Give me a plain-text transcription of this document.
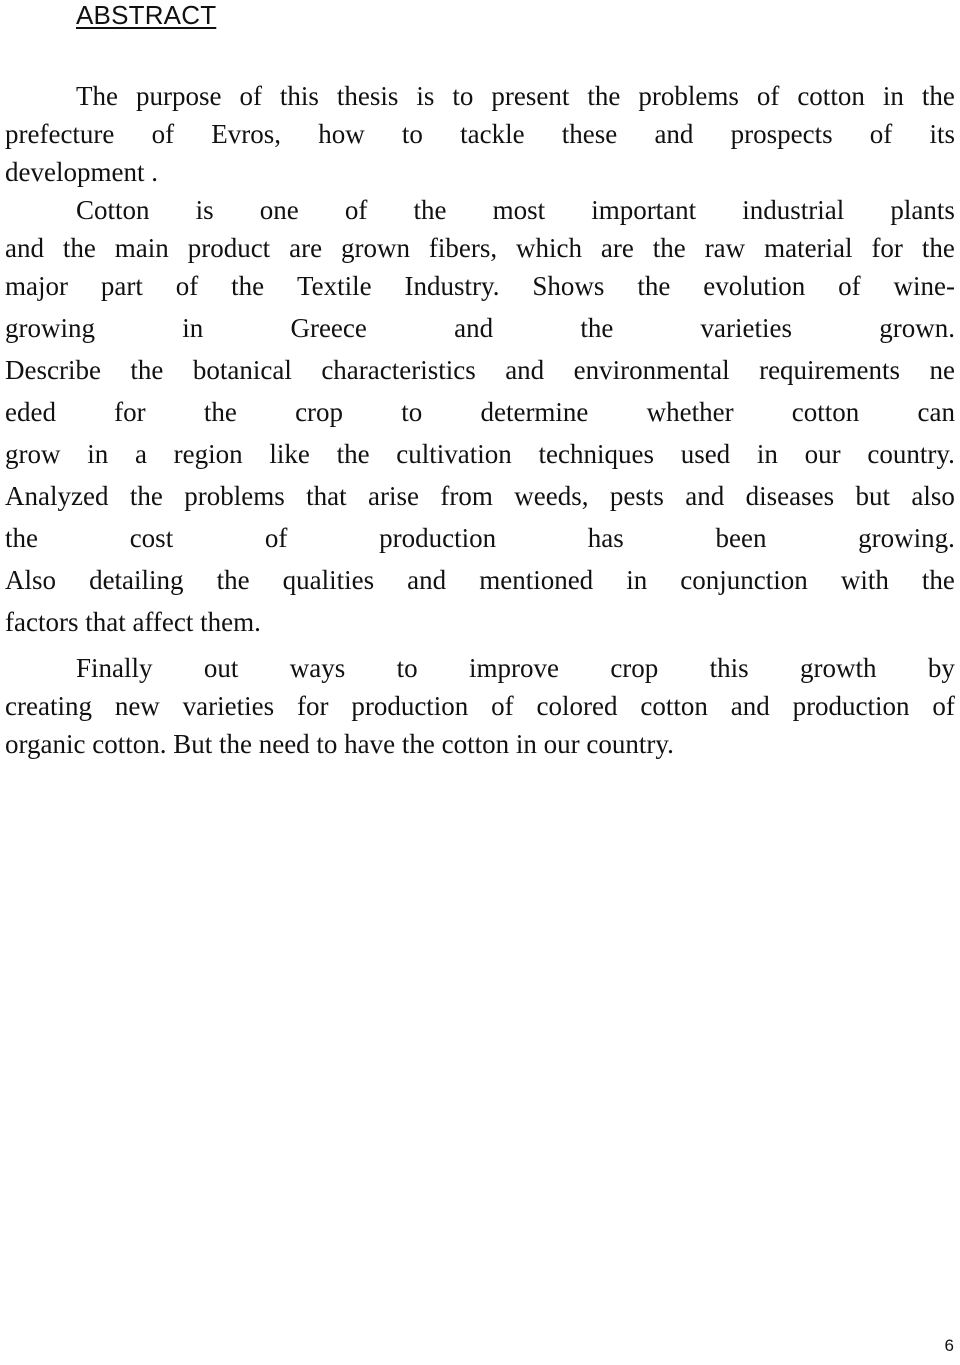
ABSTRACT
The purpose of this thesis is to present the problems of cotton in the
prefecture of Evros, how to tackle these and prospects of its
development .
Cotton is one of the most important industrial plants
and the main product are grown fibers, which are the raw material for the
major part of the Textile Industry. Shows the evolution of wine-
growing	in	Greece	and	the	varieties	grown.
Describe the botanical characteristics and environmental requirements ne
eded for the crop to determine whether cotton can
grow in a region like the cultivation techniques used in our country.
Analyzed the problems that arise from weeds, pests and diseases but also
the	cost	of	production	has	been	growing.
Also detailing the qualities and mentioned in conjunction with the
factors that affect them.
Finally out ways to improve crop this growth by
creating new varieties for production of colored cotton and production of
organic cotton. But the need to have the cotton in our country.
6
